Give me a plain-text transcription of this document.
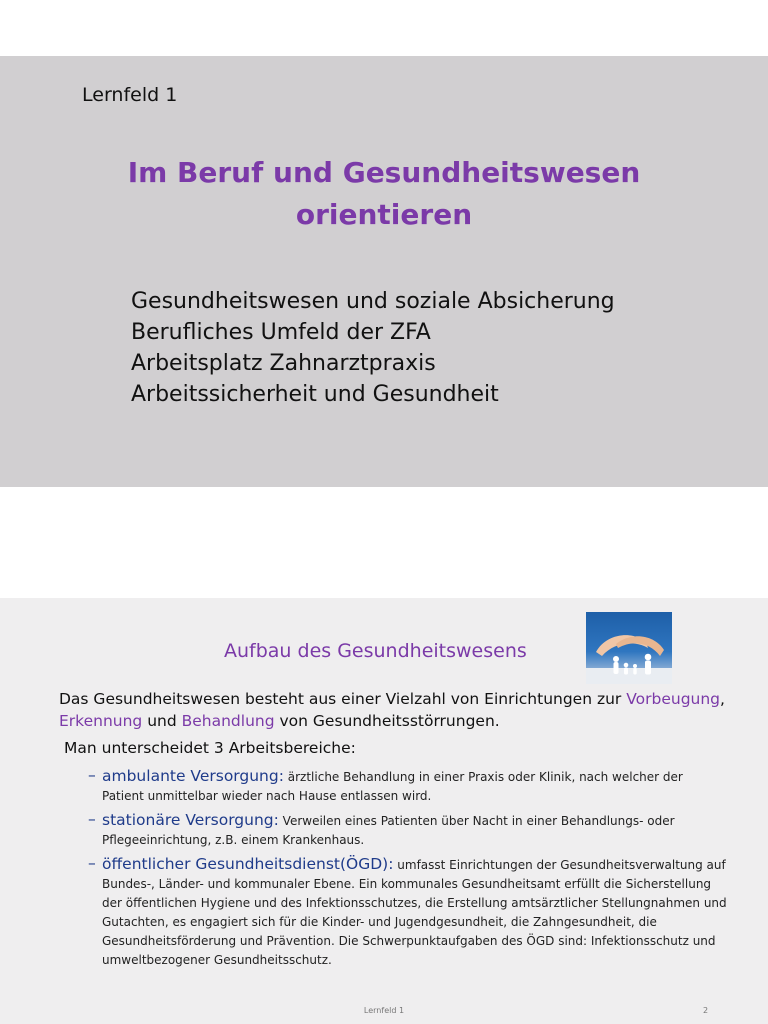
Lernfeld 1
Im Beruf und Gesundheitswesen
orientieren
Gesundheitswesen und soziale Absicherung
Berufliches Umfeld der ZFA
Arbeitsplatz Zahnarztpraxis
Arbeitssicherheit und Gesundheit
Aufbau des Gesundheitswesens
Das Gesundheitswesen besteht aus einer Vielzahl von Einrichtungen zur Vorbeugung, Erkennung und Behandlung von Gesundheitsstörrungen.
Man unterscheidet 3 Arbeitsbereiche:
– ambulante Versorgung: ärztliche Behandlung in einer Praxis oder Klinik, nach welcher der Patient unmittelbar wieder nach Hause entlassen wird.
– stationäre Versorgung: Verweilen eines Patienten über Nacht in einer Behandlungs- oder Pflegeeinrichtung, z.B. einem Krankenhaus.
– öffentlicher Gesundheitsdienst(ÖGD): umfasst Einrichtungen der Gesundheitsverwaltung auf Bundes-, Länder- und kommunaler Ebene. Ein kommunales Gesundheitsamt erfüllt die Sicherstellung der öffentlichen Hygiene und des Infektionsschutzes, die Erstellung amtsärztlicher Stellungnahmen und Gutachten, es engagiert sich für die Kinder- und Jugendgesundheit, die Zahngesundheit, die Gesundheitsförderung und Prävention. Die Schwerpunktaufgaben des ÖGD sind: Infektionsschutz und umweltbezogener Gesundheitsschutz.
Lernfeld 1	2
